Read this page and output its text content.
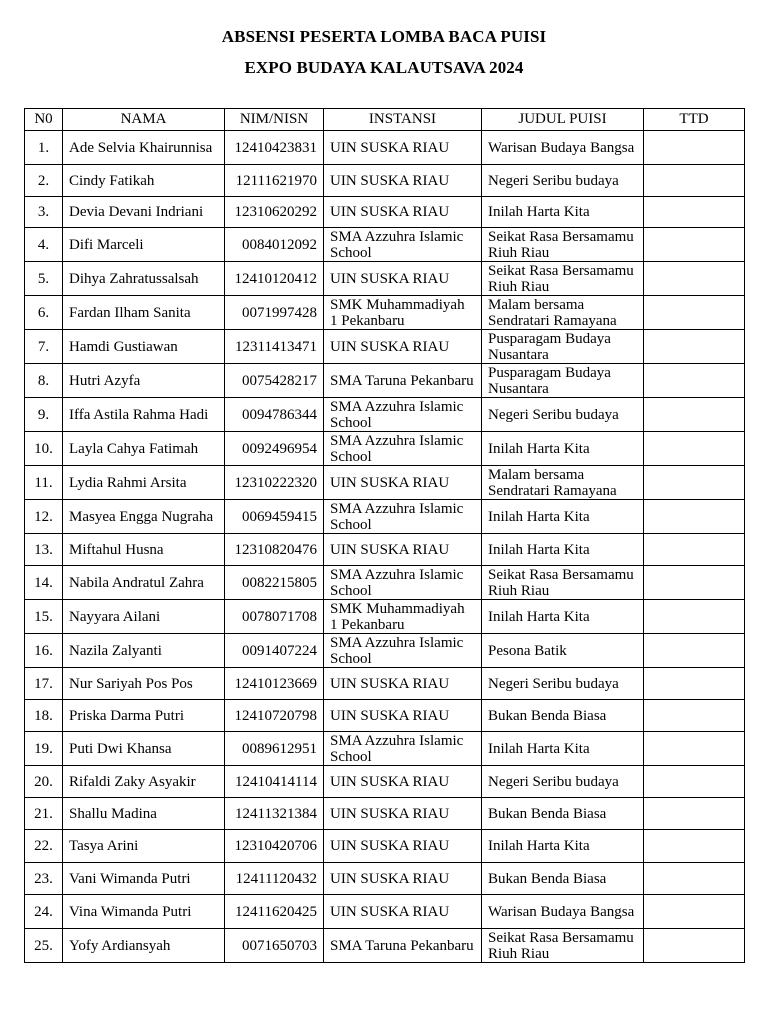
ABSENSI PESERTA LOMBA BACA PUISI
EXPO BUDAYA KALAUTSAVA 2024
N0	NAMA	NIM/NISN	INSTANSI	JUDUL PUISI	TTD
1.	Ade Selvia Khairunnisa	12410423831	UIN SUSKA RIAU	Warisan Budaya Bangsa	
2.	Cindy Fatikah	12111621970	UIN SUSKA RIAU	Negeri Seribu budaya	
3.	Devia Devani Indriani	12310620292	UIN SUSKA RIAU	Inilah Harta Kita	
4.	Difi Marceli	0084012092	SMA Azzuhra Islamic School	Seikat Rasa Bersamamu Riuh Riau	
5.	Dihya Zahratussalsah	12410120412	UIN SUSKA RIAU	Seikat Rasa Bersamamu Riuh Riau	
6.	Fardan Ilham Sanita	0071997428	SMK Muhammadiyah 1 Pekanbaru	Malam bersama Sendratari Ramayana	
7.	Hamdi Gustiawan	12311413471	UIN SUSKA RIAU	Pusparagam Budaya Nusantara	
8.	Hutri Azyfa	0075428217	SMA Taruna Pekanbaru	Pusparagam Budaya Nusantara	
9.	Iffa Astila Rahma Hadi	0094786344	SMA Azzuhra Islamic School	Negeri Seribu budaya	
10.	Layla Cahya Fatimah	0092496954	SMA Azzuhra Islamic School	Inilah Harta Kita	
11.	Lydia Rahmi Arsita	12310222320	UIN SUSKA RIAU	Malam bersama Sendratari Ramayana	
12.	Masyea Engga Nugraha	0069459415	SMA Azzuhra Islamic School	Inilah Harta Kita	
13.	Miftahul Husna	12310820476	UIN SUSKA RIAU	Inilah Harta Kita	
14.	Nabila Andratul Zahra	0082215805	SMA Azzuhra Islamic School	Seikat Rasa Bersamamu Riuh Riau	
15.	Nayyara Ailani	0078071708	SMK Muhammadiyah 1 Pekanbaru	Inilah Harta Kita	
16.	Nazila Zalyanti	0091407224	SMA Azzuhra Islamic School	Pesona Batik	
17.	Nur Sariyah Pos Pos	12410123669	UIN SUSKA RIAU	Negeri Seribu budaya	
18.	Priska Darma Putri	12410720798	UIN SUSKA RIAU	Bukan Benda Biasa	
19.	Puti Dwi Khansa	0089612951	SMA Azzuhra Islamic School	Inilah Harta Kita	
20.	Rifaldi Zaky Asyakir	12410414114	UIN SUSKA RIAU	Negeri Seribu budaya	
21.	Shallu Madina	12411321384	UIN SUSKA RIAU	Bukan Benda Biasa	
22.	Tasya Arini	12310420706	UIN SUSKA RIAU	Inilah Harta Kita	
23.	Vani Wimanda Putri	12411120432	UIN SUSKA RIAU	Bukan Benda Biasa	
24.	Vina Wimanda Putri	12411620425	UIN SUSKA RIAU	Warisan Budaya Bangsa	
25.	Yofy Ardiansyah	0071650703	SMA Taruna Pekanbaru	Seikat Rasa Bersamamu Riuh Riau	
